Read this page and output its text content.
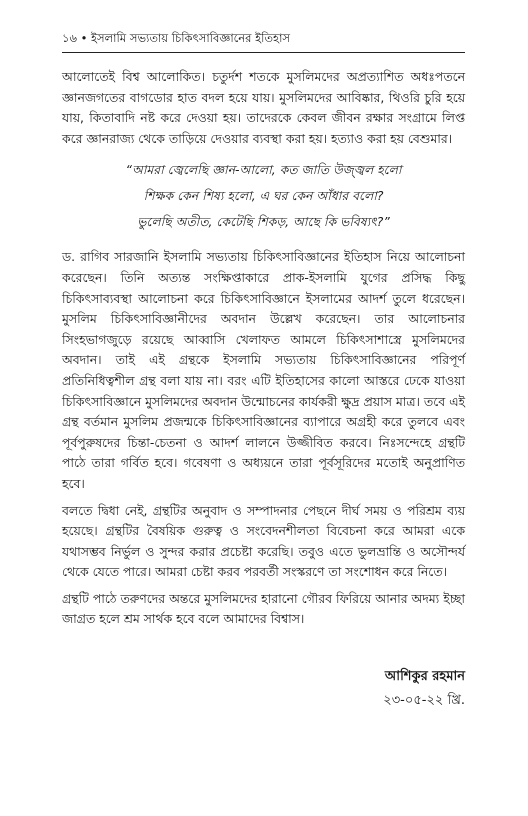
১৬ • ইসলামি সভ্যতায় চিকিৎসাবিজ্ঞানের ইতিহাস

আলোতেই বিশ্ব আলোকিত। চতুর্দশ শতকে মুসলিমদের অপ্রত্যাশিত অধঃপতনে জ্ঞানজগতের বাগডোর হাত বদল হয়ে যায়। মুসলিমদের আবিষ্কার, থিওরি চুরি হয়ে যায়, কিতাবাদি নষ্ট করে দেওয়া হয়। তাদেরকে কেবল জীবন রক্ষার সংগ্রামে লিপ্ত করে জ্ঞানরাজ্য থেকে তাড়িয়ে দেওয়ার ব্যবস্থা করা হয়। হত্যাও করা হয় বেশুমার।

“আমরা জ্বেলেছি জ্ঞান-আলো, কত জাতি উজ্জ্বল হলো
শিক্ষক কেন শিষ্য হলো, এ ঘর কেন আঁধার বলো?
ভুলেছি অতীত, কেটেছি শিকড়, আছে কি ভবিষ্যৎ?”

ড. রাগিব সারজানি ইসলামি সভ্যতায় চিকিৎসাবিজ্ঞানের ইতিহাস নিয়ে আলোচনা করেছেন। তিনি অত্যন্ত সংক্ষিপ্তাকারে প্রাক-ইসলামি যুগের প্রসিদ্ধ কিছু চিকিৎসাব্যবস্থা আলোচনা করে চিকিৎসাবিজ্ঞানে ইসলামের আদর্শ তুলে ধরেছেন। মুসলিম চিকিৎসাবিজ্ঞানীদের অবদান উল্লেখ করেছেন। তার আলোচনার সিংহভাগজুড়ে রয়েছে আব্বাসি খেলাফত আমলে চিকিৎসাশাস্ত্রে মুসলিমদের অবদান। তাই এই গ্রন্থকে ইসলামি সভ্যতায় চিকিৎসাবিজ্ঞানের পরিপূর্ণ প্রতিনিধিত্বশীল গ্রন্থ বলা যায় না। বরং এটি ইতিহাসের কালো আস্তরে ঢেকে যাওয়া চিকিৎসাবিজ্ঞানে মুসলিমদের অবদান উন্মোচনের কার্যকরী ক্ষুদ্র প্রয়াস মাত্র। তবে এই গ্রন্থ বর্তমান মুসলিম প্রজন্মকে চিকিৎসাবিজ্ঞানের ব্যাপারে অগ্রহী করে তুলবে এবং পূর্বপুরুষদের চিন্তা-চেতনা ও আদর্শ লালনে উজ্জীবিত করবে। নিঃসন্দেহে গ্রন্থটি পাঠে তারা গর্বিত হবে। গবেষণা ও অধ্যয়নে তারা পূর্বসূরিদের মতোই অনুপ্রাণিত হবে।

বলতে দ্বিধা নেই, গ্রন্থটির অনুবাদ ও সম্পাদনার পেছনে দীর্ঘ সময় ও পরিশ্রম ব্যয় হয়েছে। গ্রন্থটির বৈষয়িক গুরুত্ব ও সংবেদনশীলতা বিবেচনা করে আমরা একে যথাসম্ভব নির্ভুল ও সুন্দর করার প্রচেষ্টা করেছি। তবুও এতে ভুলভ্রান্তি ও অসৌন্দর্য থেকে যেতে পারে। আমরা চেষ্টা করব পরবর্তী সংস্করণে তা সংশোধন করে নিতে।

গ্রন্থটি পাঠে তরুণদের অন্তরে মুসলিমদের হারানো গৌরব ফিরিয়ে আনার অদম্য ইচ্ছা জাগ্রত হলে শ্রম সার্থক হবে বলে আমাদের বিশ্বাস।

আশিকুর রহমান
২৩-০৫-২২ খ্রি.
